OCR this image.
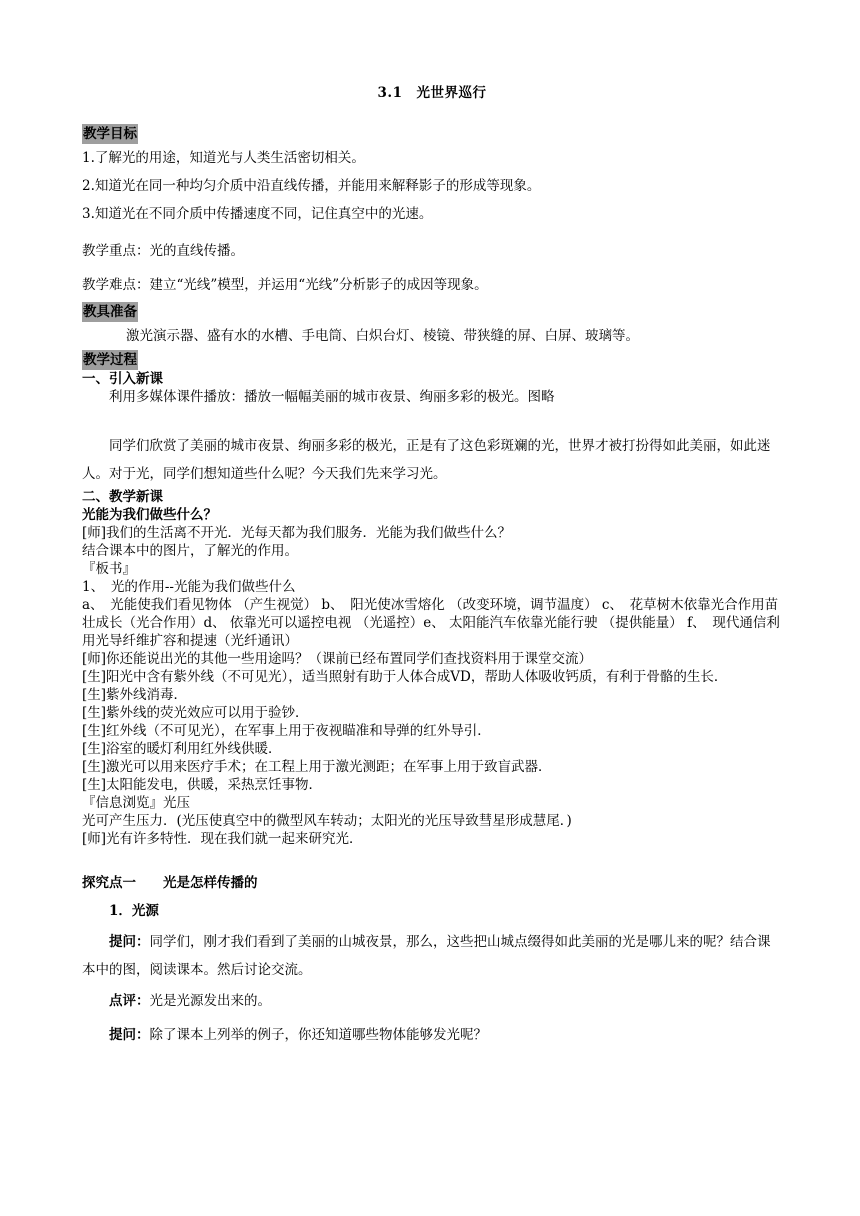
3.1　光世界巡行
教学目标

1.了解光的用途，知道光与人类生活密切相关。

2.知道光在同一种均匀介质中沿直线传播，并能用来解释影子的形成等现象。

3.知道光在不同介质中传播速度不同，记住真空中的光速。

教学重点：光的直线传播。

教学难点：建立“光线”模型，并运用“光线”分析影子的成因等现象。

教具准备

激光演示器、盛有水的水槽、手电筒、白炽台灯、棱镜、带狭缝的屏、白屏、玻璃等。

教学过程

一、引入新课

利用多媒体课件播放：播放一幅幅美丽的城市夜景、绚丽多彩的极光。图略

同学们欣赏了美丽的城市夜景、绚丽多彩的极光，正是有了这色彩斑斓的光，世界才被打扮得如此美丽，如此迷人。对于光，同学们想知道些什么呢？今天我们先来学习光。

二、教学新课

光能为我们做些什么？

[师]我们的生活离不开光．光每天都为我们服务．光能为我们做些什么？

结合课本中的图片，了解光的作用。

『板书』

1、　光的作用--光能为我们做些什么

a、　光能使我们看见物体 （产生视觉） b、　阳光使冰雪熔化 （改变环境，调节温度） c、　花草树木依靠光合作用苗壮成长（光合作用）d、 依靠光可以遥控电视 （光遥控）e、 太阳能汽车依靠光能行驶 （提供能量） f、　现代通信利用光导纤维扩容和提速（光纤通讯）

[师]你还能说出光的其他一些用途吗？（课前已经布置同学们查找资料用于课堂交流）

[生]阳光中含有紫外线（不可见光），适当照射有助于人体合成VD，帮助人体吸收钙质，有利于骨骼的生长．

[生]紫外线消毒．

[生]紫外线的荧光效应可以用于验钞．

[生]红外线（不可见光），在军事上用于夜视瞄准和导弹的红外导引．

[生]浴室的暖灯利用红外线供暖．

[生]激光可以用来医疗手术；在工程上用于激光测距；在军事上用于致盲武器．

[生]太阳能发电，供暖，采热烹饪事物．

『信息浏览』光压

光可产生压力．(光压使真空中的微型风车转动；太阳光的光压导致彗星形成慧尾．)

[师]光有许多特性．现在我们就一起来研究光．

探究点一　　光是怎样传播的

1．光源

提问：同学们，刚才我们看到了美丽的山城夜景，那么，这些把山城点缀得如此美丽的光是哪儿来的呢？结合课本中的图，阅读课本。然后讨论交流。

点评：光是光源发出来的。

提问：除了课本上列举的例子，你还知道哪些物体能够发光呢？
